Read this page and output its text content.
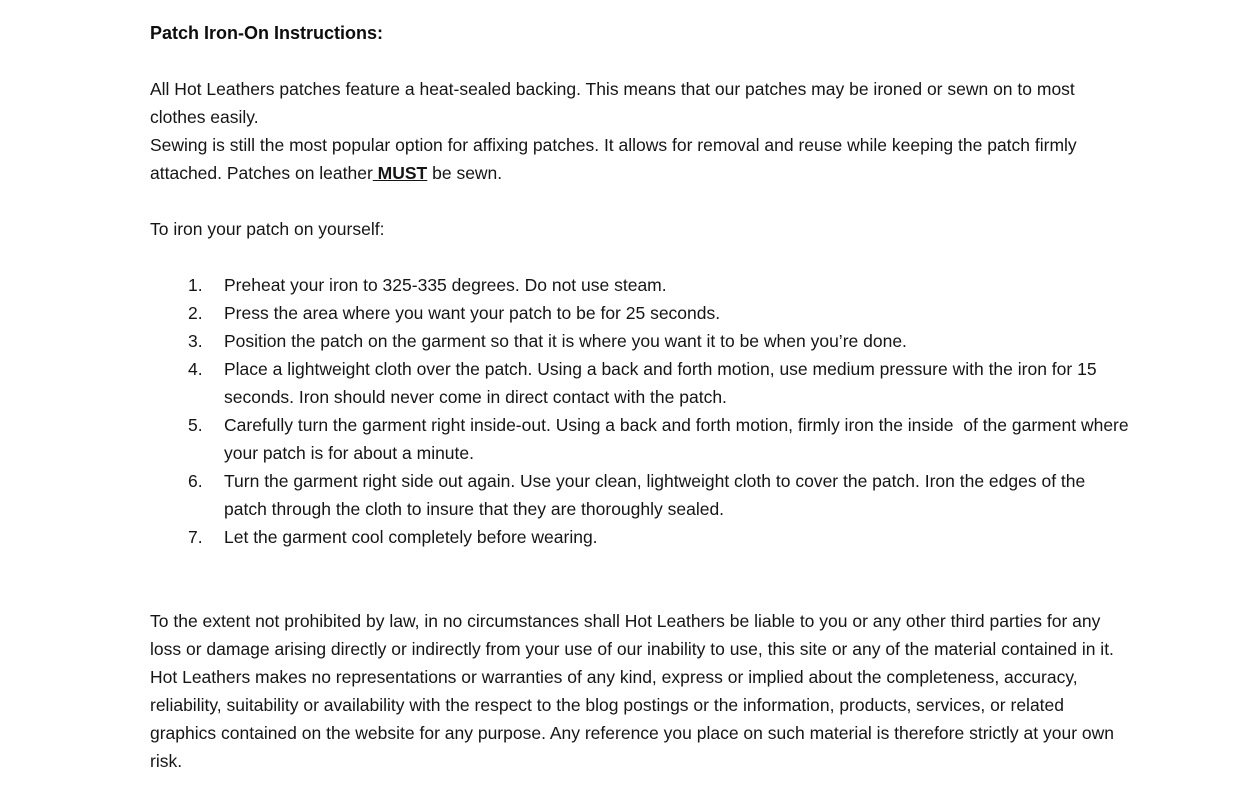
Patch Iron-On Instructions:

All Hot Leathers patches feature a heat-sealed backing. This means that our patches may be ironed or sewn on to most clothes easily.

Sewing is still the most popular option for affixing patches. It allows for removal and reuse while keeping the patch firmly attached. Patches on leather MUST be sewn.

To iron your patch on yourself:

Preheat your iron to 325-335 degrees. Do not use steam.
Press the area where you want your patch to be for 25 seconds.
Position the patch on the garment so that it is where you want it to be when you’re done.
Place a lightweight cloth over the patch. Using a back and forth motion, use medium pressure with the iron for 15 seconds. Iron should never come in direct contact with the patch.
Carefully turn the garment right inside-out. Using a back and forth motion, firmly iron the inside  of the garment where your patch is for about a minute.
Turn the garment right side out again. Use your clean, lightweight cloth to cover the patch. Iron the edges of the patch through the cloth to insure that they are thoroughly sealed.
Let the garment cool completely before wearing.

To the extent not prohibited by law, in no circumstances shall Hot Leathers be liable to you or any other third parties for any loss or damage arising directly or indirectly from your use of our inability to use, this site or any of the material contained in it. Hot Leathers makes no representations or warranties of any kind, express or implied about the completeness, accuracy, reliability, suitability or availability with the respect to the blog postings or the information, products, services, or related graphics contained on the website for any purpose. Any reference you place on such material is therefore strictly at your own risk.
